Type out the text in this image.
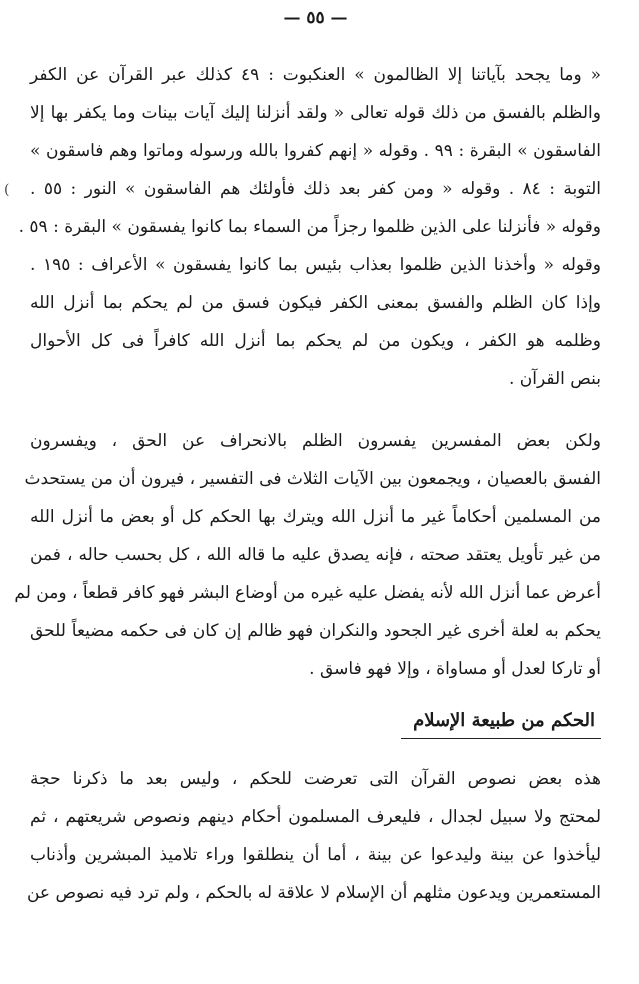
— ٥٥ —
(
« وما يجحد بآياتنا إلا الظالمون » العنكبوت : ٤٩ كذلك عبر القرآن عن الكفر
والظلم بالفسق من ذلك قوله تعالى « ولقد أنزلنا إليك آيات بينات وما يكفر بها إلا
الفاسقون » البقرة : ٩٩ . وقوله « إنهم كفروا بالله ورسوله وماتوا وهم فاسقون »
التوبة : ٨٤ . وقوله « ومن كفر بعد ذلك فأولئك هم الفاسقون » النور : ٥٥ .
وقوله « فأنزلنا على الذين ظلموا رجزاً من السماء بما كانوا يفسقون » البقرة : ٥٩ .
وقوله « وأخذنا الذين ظلموا بعذاب بئيس بما كانوا يفسقون » الأعراف : ١٩٥ .
وإذا كان الظلم والفسق بمعنى الكفر فيكون فسق من لم يحكم بما أنزل الله
وظلمه هو الكفر ، ويكون من لم يحكم بما أنزل الله كافراً فى كل الأحوال
بنص القرآن .
ولكن بعض المفسرين يفسرون الظلم بالانحراف عن الحق ، ويفسرون
الفسق بالعصيان ، ويجمعون بين الآيات الثلاث فى التفسير ، فيرون أن من يستحدث
من المسلمين أحكاماً غير ما أنزل الله ويترك بها الحكم كل أو بعض ما أنزل الله
من غير تأويل يعتقد صحته ، فإنه يصدق عليه ما قاله الله ، كل بحسب حاله ، فمن
أعرض عما أنزل الله لأنه يفضل عليه غيره من أوضاع البشر فهو كافر قطعاً ، ومن لم
يحكم به لعلة أخرى غير الجحود والنكران فهو ظالم إن كان فى حكمه مضيعاً للحق
أو تاركا لعدل أو مساواة ، وإلا فهو فاسق .
الحكم من طبيعة الإسلام
هذه بعض نصوص القرآن التى تعرضت للحكم ، وليس بعد ما ذكرنا حجة
لمحتج ولا سبيل لجدال ، فليعرف المسلمون أحكام دينهم ونصوص شريعتهم ، ثم
ليأخذوا عن بينة وليدعوا عن بينة ، أما أن ينطلقوا وراء تلاميذ المبشرين وأذناب
المستعمرين ويدعون مثلهم أن الإسلام لا علاقة له بالحكم ، ولم ترد فيه نصوص عن
